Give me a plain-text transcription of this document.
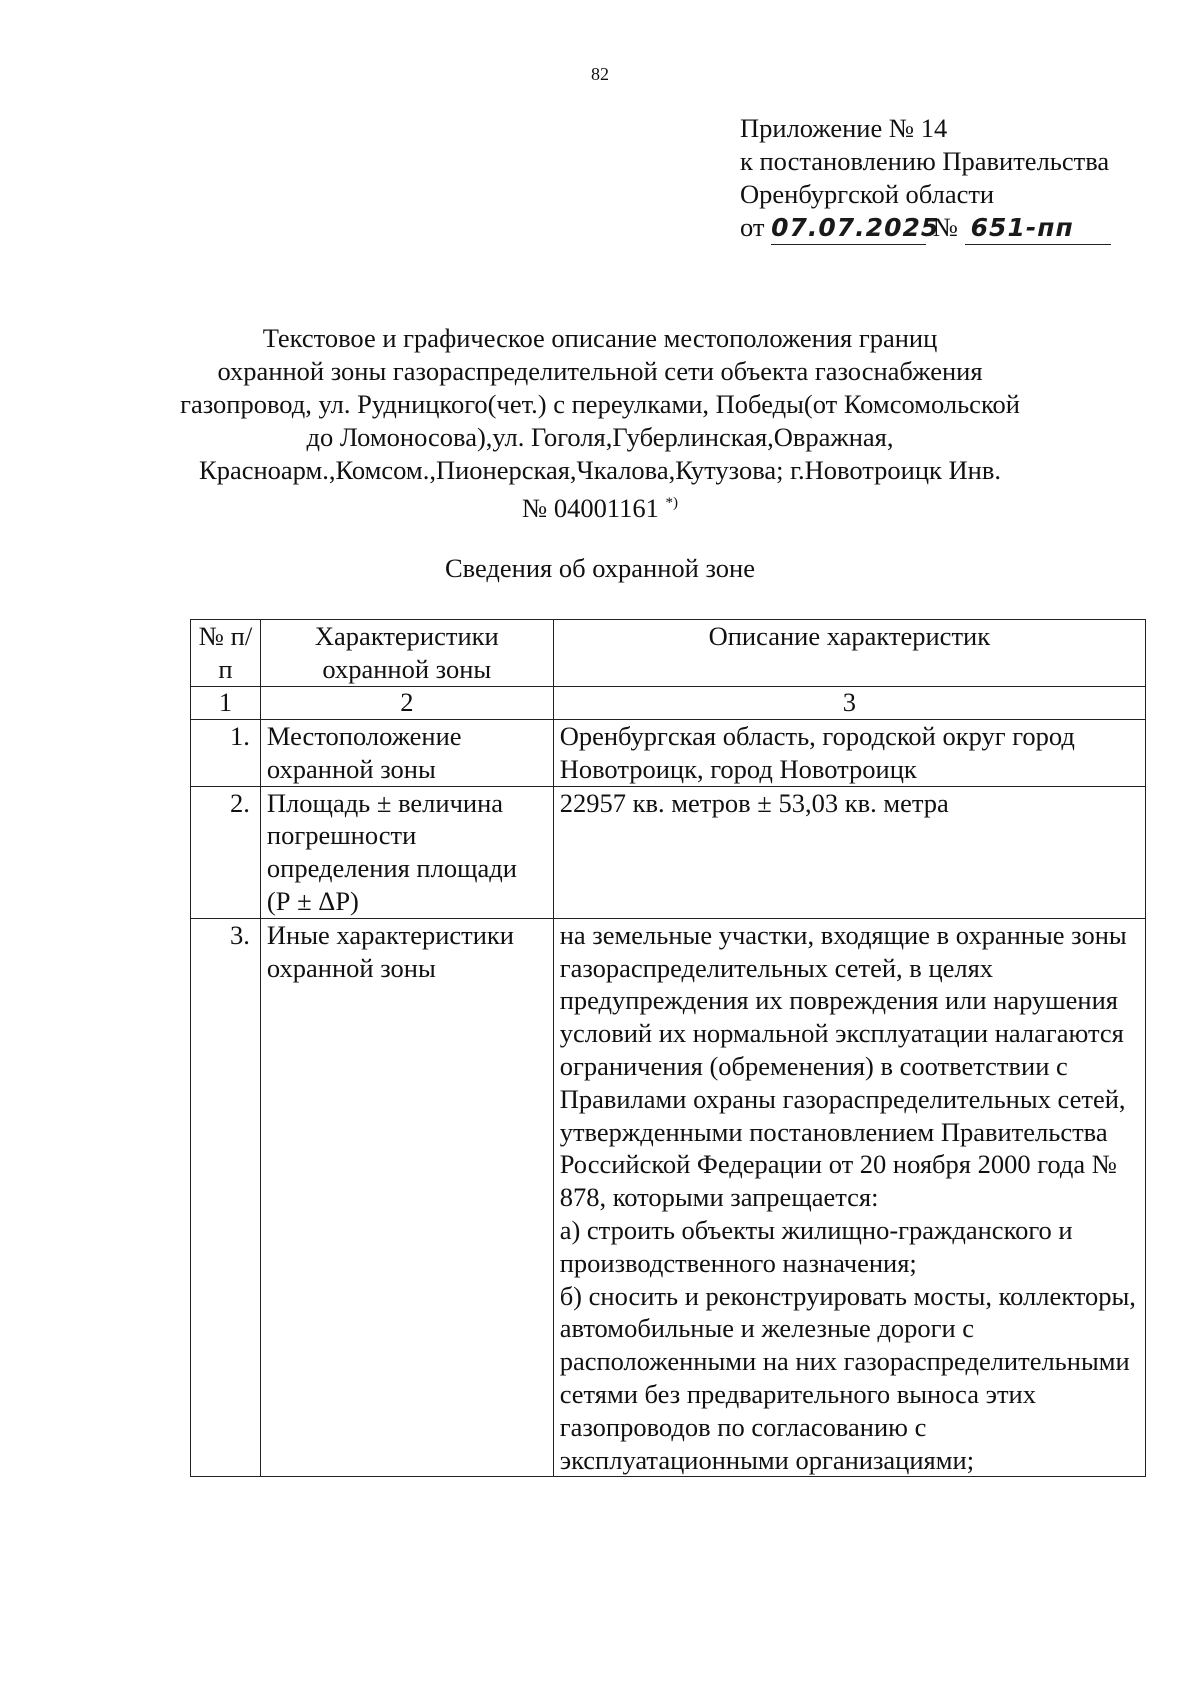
82
Приложение № 14
к постановлению Правительства
Оренбургской области
от 07.07.2025 № 651-пп
Текстовое и графическое описание местоположения границ
охранной зоны газораспределительной сети объекта газоснабжения
газопровод, ул. Рудницкого(чет.) с переулками, Победы(от Комсомольской
до Ломоносова),ул. Гоголя,Губерлинская,Овражная,
Красноарм.,Комсом.,Пионерская,Чкалова,Кутузова; г.Новотроицк Инв.
№ 04001161 *)
Сведения об охранной зоне
№ п/п	Характеристики охранной зоны	Описание характеристик
1	2	3
1.	Местоположение охранной зоны	Оренбургская область, городской округ город Новотроицк, город Новотроицк

2.	Площадь ± величина погрешности определения площади (Р ± ΔР)	22957 кв. метров ± 53,03 кв. метра

3.	Иные характеристики охранной зоны	на земельные участки, входящие в охранные зоны газораспределительных сетей, в целях предупреждения их повреждения или нарушения условий их нормальной эксплуатации налагаются ограничения (обременения) в соответствии с Правилами охраны газораспределительных сетей, утвержденными постановлением Правительства Российской Федерации от 20 ноября 2000 года № 878, которыми запрещается:

а) строить объекты жилищно-гражданского и производственного назначения;

б) сносить и реконструировать мосты, коллекторы, автомобильные и железные дороги с расположенными на них газораспределительными сетями без предварительного выноса этих газопроводов по согласованию с эксплуатационными организациями;
